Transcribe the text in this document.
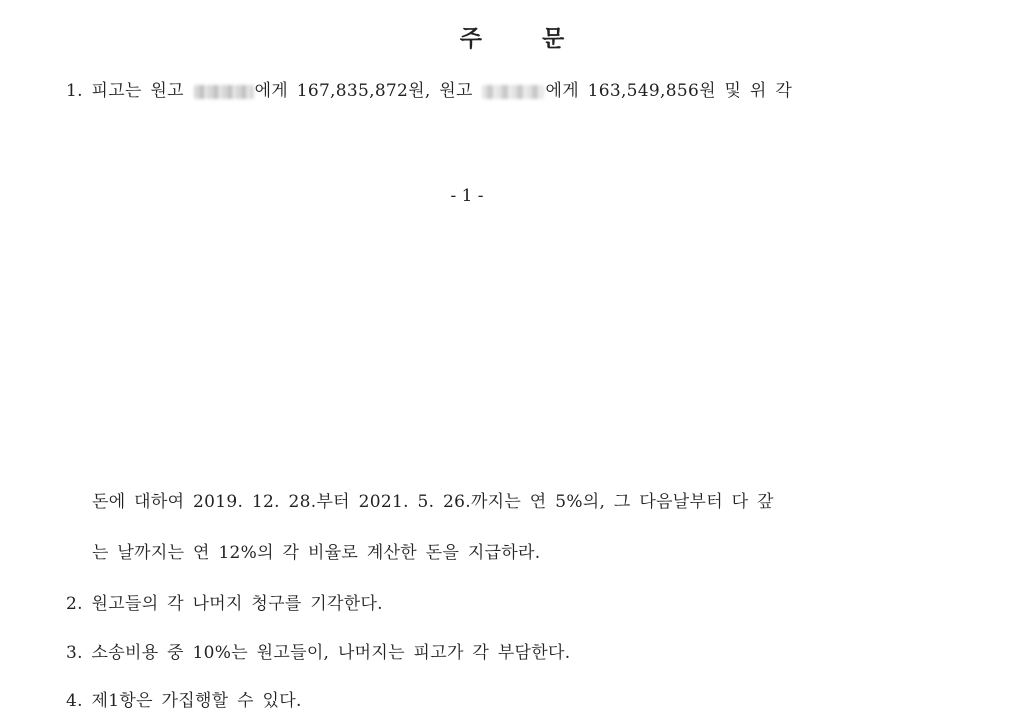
주	문
1. 피고는 원고	에게 167,835,872원, 원고	에게 163,549,856원 및 위 각
- 1 -
돈에 대하여 2019. 12. 28.부터 2021. 5. 26.까지는 연 5%의, 그 다음날부터 다 갚
는 날까지는 연 12%의 각 비율로 계산한 돈을 지급하라.
2. 원고들의 각 나머지 청구를 기각한다.
3. 소송비용 중 10%는 원고들이, 나머지는 피고가 각 부담한다.
4. 제1항은 가집행할 수 있다.
